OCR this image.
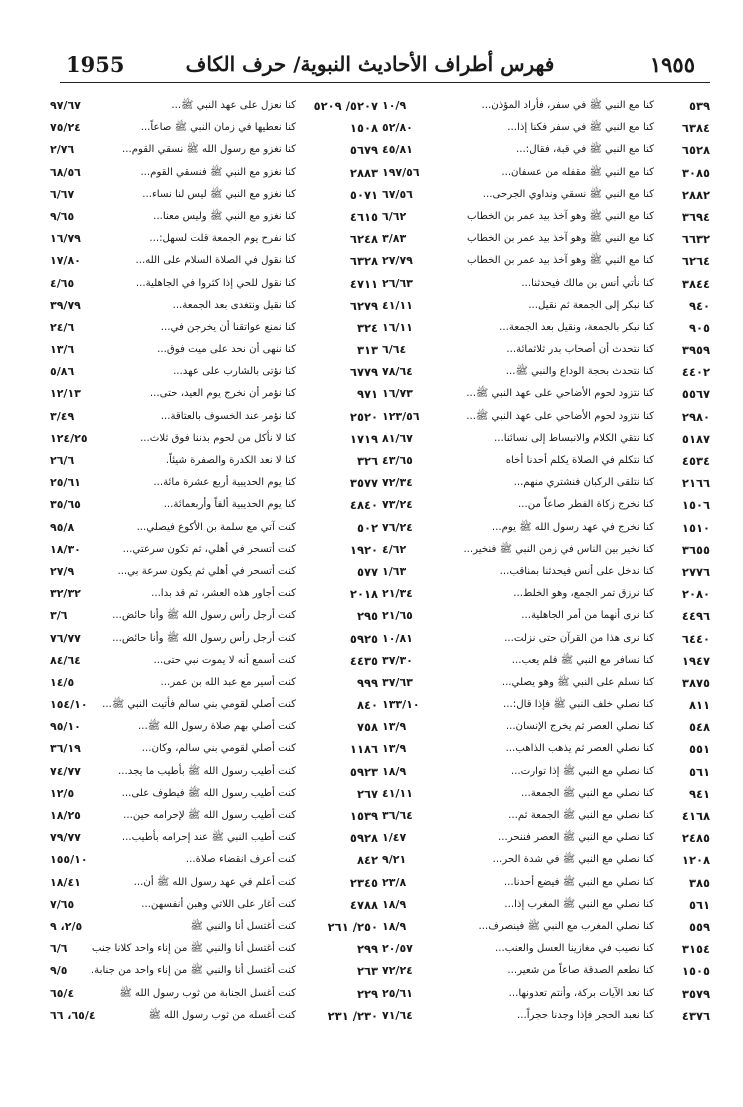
1955	فهرس أطراف الأحاديث النبوية/ حرف الكاف	١٩٥٥
٥٣٩
كنا مع النبي ﷺ في سفر، فأراد المؤذن...
١٠/٩
٦٣٨٤
كنا مع النبي ﷺ في سفر فكنا إذا...
٥٢/٨٠
٦٥٢٨
كنا مع النبي ﷺ في قبة، فقال:...
٤٥/٨١
٣٠٨٥
كنا مع النبي ﷺ مقفله من عسفان...
١٩٧/٥٦
٢٨٨٢
كنا مع النبي ﷺ نسقي ونداوي الجرحى...
٦٧/٥٦
٣٦٩٤
كنا مع النبي ﷺ وهو آخذ بيد عمر بن الخطاب
٦/٦٢
٦٦٣٢
كنا مع النبي ﷺ وهو آخذ بيد عمر بن الخطاب
٣/٨٣
٦٢٦٤
كنا مع النبي ﷺ وهو آخذ بيد عمر بن الخطاب
٢٧/٧٩
٣٨٤٤
كنا نأتي أنس بن مالك فيحدثنا...
٢٦/٦٣
٩٤٠
كنا نبكر إلى الجمعة ثم نقيل...
٤١/١١
٩٠٥
كنا نبكر بالجمعة، ونقيل بعد الجمعة...
١٦/١١
٣٩٥٩
كنا نتحدث أن أصحاب بدر ثلاثمائة...
٦/٦٤
٤٤٠٢
كنا نتحدث بحجة الوداع والنبي ﷺ...
٧٨/٦٤
٥٥٦٧
كنا نتزود لحوم الأضاحي على عهد النبي ﷺ...
١٦/٧٣
٢٩٨٠
كنا نتزود لحوم الأضاحي على عهد النبي ﷺ...
١٢٣/٥٦
٥١٨٧
كنا نتقي الكلام والانبساط إلى نسائنا...
٨١/٦٧
٤٥٣٤
كنا نتكلم في الصلاة يكلم أحدنا أخاه
٤٣/٦٥
٢١٦٦
كنا نتلقى الركبان فنشتري منهم...
٧٢/٣٤
١٥٠٦
كنا نخرج زكاة الفطر صاعاً من...
٧٣/٢٤
١٥١٠
كنا نخرج في عهد رسول الله ﷺ يوم...
٧٦/٢٤
٣٦٥٥
كنا نخير بين الناس في زمن النبي ﷺ فنخير...
٤/٦٢
٢٧٧٦
كنا ندخل على أنس فيحدثنا بمناقب...
١/٦٣
٢٠٨٠
كنا نرزق تمر الجمع، وهو الخلط...
٢١/٣٤
٤٤٩٦
كنا نرى أنهما من أمر الجاهلية...
٢١/٦٥
٦٤٤٠
كنا نرى هذا من القرآن حتى نزلت...
١٠/٨١
١٩٤٧
كنا نسافر مع النبي ﷺ فلم يعب...
٣٧/٣٠
٣٨٧٥
كنا نسلم على النبي ﷺ وهو يصلي...
٣٧/٦٣
٨١١
كنا نصلي خلف النبي ﷺ فإذا قال:...
١٣٣/١٠
٥٤٨
كنا نصلي العصر ثم يخرج الإنسان...
١٣/٩
٥٥١
كنا نصلي العصر ثم يذهب الذاهب...
١٣/٩
٥٦١
كنا نصلي مع النبي ﷺ إذا توارت...
١٨/٩
٩٤١
كنا نصلي مع النبي ﷺ الجمعة...
٤١/١١
٤١٦٨
كنا نصلي مع النبي ﷺ الجمعة ثم...
٣٦/٦٤
٢٤٨٥
كنا نصلي مع النبي ﷺ العصر فننحر...
١/٤٧
١٢٠٨
كنا نصلي مع النبي ﷺ في شدة الحر...
٩/٢١
٣٨٥
كنا نصلي مع النبي ﷺ فيضع أحدنا...
٢٣/٨
٥٦١
كنا نصلي مع النبي ﷺ المغرب إذا...
١٨/٩
٥٥٩
كنا نصلي المغرب مع النبي ﷺ فينصرف...
١٨/٩
٣١٥٤
كنا نصيب في مغازينا العسل والعنب...
٢٠/٥٧
١٥٠٥
كنا نطعم الصدقة صاعاً من شعير...
٧٢/٢٤
٣٥٧٩
كنا نعد الآيات بركة، وأنتم تعدونها...
٢٥/٦١
٤٣٧٦
كنا نعبد الحجر فإذا وجدنا حجراً...
٧١/٦٤
٥٢٠٧/ ٥٢٠٩
كنا نعزل على عهد النبي ﷺ...
٩٧/٦٧
١٥٠٨
كنا نعطيها في زمان النبي ﷺ صاعاً...
٧٥/٢٤
٥٦٧٩
كنا نغزو مع رسول الله ﷺ نسقي القوم...
٢/٧٦
٢٨٨٣
كنا نغزو مع النبي ﷺ فنسقي القوم...
٦٨/٥٦
٥٠٧١
كنا نغزو مع النبي ﷺ ليس لنا نساء...
٦/٦٧
٤٦١٥
كنا نغزو مع النبي ﷺ وليس معنا...
٩/٦٥
٦٢٤٨
كنا نفرح يوم الجمعة قلت لسهل:...
١٦/٧٩
٦٣٢٨
كنا نقول في الصلاة السلام على الله...
١٧/٨٠
٤٧١١
كنا نقول للحي إذا كثروا في الجاهلية...
٤/٦٥
٦٢٧٩
كنا نقيل ونتغدى بعد الجمعة...
٣٩/٧٩
٣٢٤
كنا نمنع عواتقنا أن يخرجن في...
٢٤/٦
٣١٣
كنا ننهى أن نحد على ميت فوق...
١٣/٦
٦٧٧٩
كنا نؤتى بالشارب على عهد...
٥/٨٦
٩٧١
كنا نؤمر أن نخرج يوم العيد، حتى...
١٢/١٣
٢٥٢٠
كنا نؤمر عند الخسوف بالعتاقة...
٣/٤٩
١٧١٩
كنا لا نأكل من لحوم بدننا فوق ثلاث...
١٢٤/٢٥
٣٢٦
كنا لا نعد الكدرة والصفرة شيئاً.
٢٦/٦
٣٥٧٧
كنا يوم الحديبية أربع عشرة مائة...
٢٥/٦١
٤٨٤٠
كنا يوم الحديبية ألفاً وأربعمائة...
٣٥/٦٥
٥٠٢
كنت آتي مع سلمة بن الأكوع فيصلي...
٩٥/٨
١٩٢٠
كنت أتسحر في أهلي، ثم تكون سرعتي...
١٨/٣٠
٥٧٧
كنت أتسحر في أهلي ثم يكون سرعة بي...
٢٧/٩
٢٠١٨
كنت أجاور هذه العشر، ثم قد بدا...
٣٢/٣٢
٢٩٥
كنت أرجل رأس رسول الله ﷺ وأنا حائض...
٣/٦
٥٩٢٥
كنت أرجل رأس رسول الله ﷺ وأنا حائض...
٧٦/٧٧
٤٤٣٥
كنت أسمع أنه لا يموت نبي حتى...
٨٤/٦٤
٩٩٩
كنت أسير مع عبد الله بن عمر...
١٤/٥
٨٤٠
كنت أصلي لقومي بني سالم فأتيت النبي ﷺ...
١٥٤/١٠
٧٥٨
كنت أصلي بهم صلاة رسول الله ﷺ...
٩٥/١٠
١١٨٦
كنت أصلي لقومي بني سالم، وكان...
٣٦/١٩
٥٩٢٣
كنت أطيب رسول الله ﷺ بأطيب ما يجد...
٧٤/٧٧
٢٦٧
كنت أطيب رسول الله ﷺ فيطوف على...
١٢/٥
١٥٣٩
كنت أطيب رسول الله ﷺ لإحرامه حين...
١٨/٢٥
٥٩٢٨
كنت أطيب النبي ﷺ عند إحرامه بأطيب...
٧٩/٧٧
٨٤٢
كنت أعرف انقضاء صلاة...
١٥٥/١٠
٢٣٤٥
كنت أعلم في عهد رسول الله ﷺ أن...
١٨/٤١
٤٧٨٨
كنت أغار على اللاتي وهبن أنفسهن...
٧/٦٥
٢٥٠/ ٢٦١
كنت أغتسل أنا والنبي ﷺ
٢/٥، ٩
٢٩٩
كنت أغتسل أنا والنبي ﷺ من إناء واحد كلانا جنب
٦/٦
٢٦٣
كنت أغتسل أنا والنبي ﷺ من إناء واحد من جنابة.
٩/٥
٢٢٩
كنت أغسل الجنابة من ثوب رسول الله ﷺ
٦٥/٤
٢٣٠/ ٢٣١
كنت أغسله من ثوب رسول الله ﷺ
٦٥/٤، ٦٦
